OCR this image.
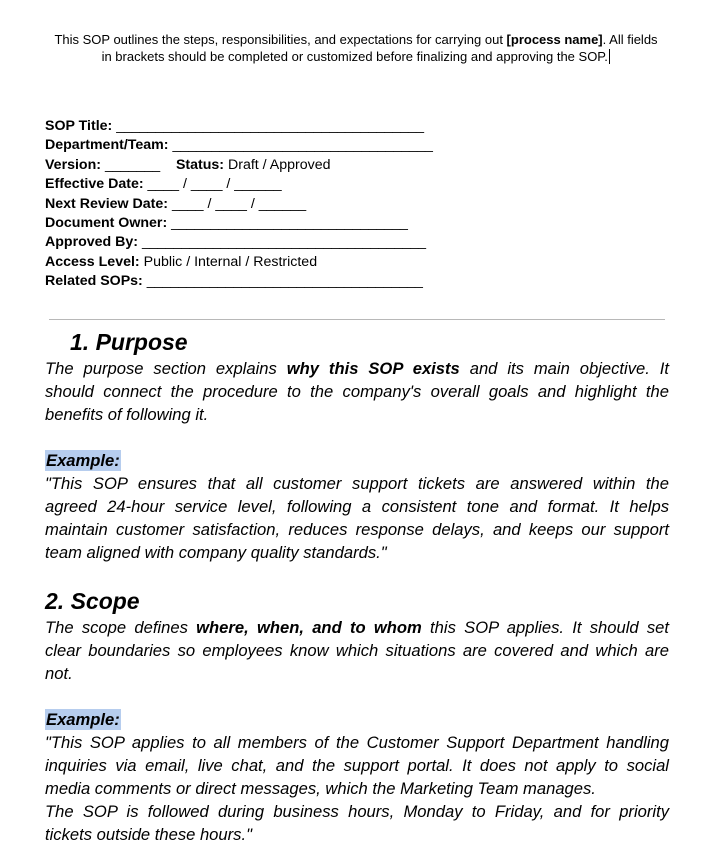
This SOP outlines the steps, responsibilities, and expectations for carrying out [process name]. All fields
in brackets should be completed or customized before finalizing and approving the SOP.
SOP Title: _______________________________________
Department/Team: _________________________________
Version: _______ Status: Draft / Approved
Effective Date: ____ / ____ / ______
Next Review Date: ____ / ____ / ______
Document Owner: ______________________________
Approved By: ____________________________________
Access Level: Public / Internal / Restricted
Related SOPs: ___________________________________
1. Purpose
The purpose section explains why this SOP exists and its main objective. It
should connect the procedure to the company's overall goals and highlight the
benefits of following it.
Example:
"This SOP ensures that all customer support tickets are answered within the
agreed 24-hour service level, following a consistent tone and format. It helps
maintain customer satisfaction, reduces response delays, and keeps our support
team aligned with company quality standards."
2. Scope
The scope defines where, when, and to whom this SOP applies. It should set
clear boundaries so employees know which situations are covered and which are
not.
Example:
"This SOP applies to all members of the Customer Support Department handling
inquiries via email, live chat, and the support portal. It does not apply to social
media comments or direct messages, which the Marketing Team manages.
The SOP is followed during business hours, Monday to Friday, and for priority
tickets outside these hours."
